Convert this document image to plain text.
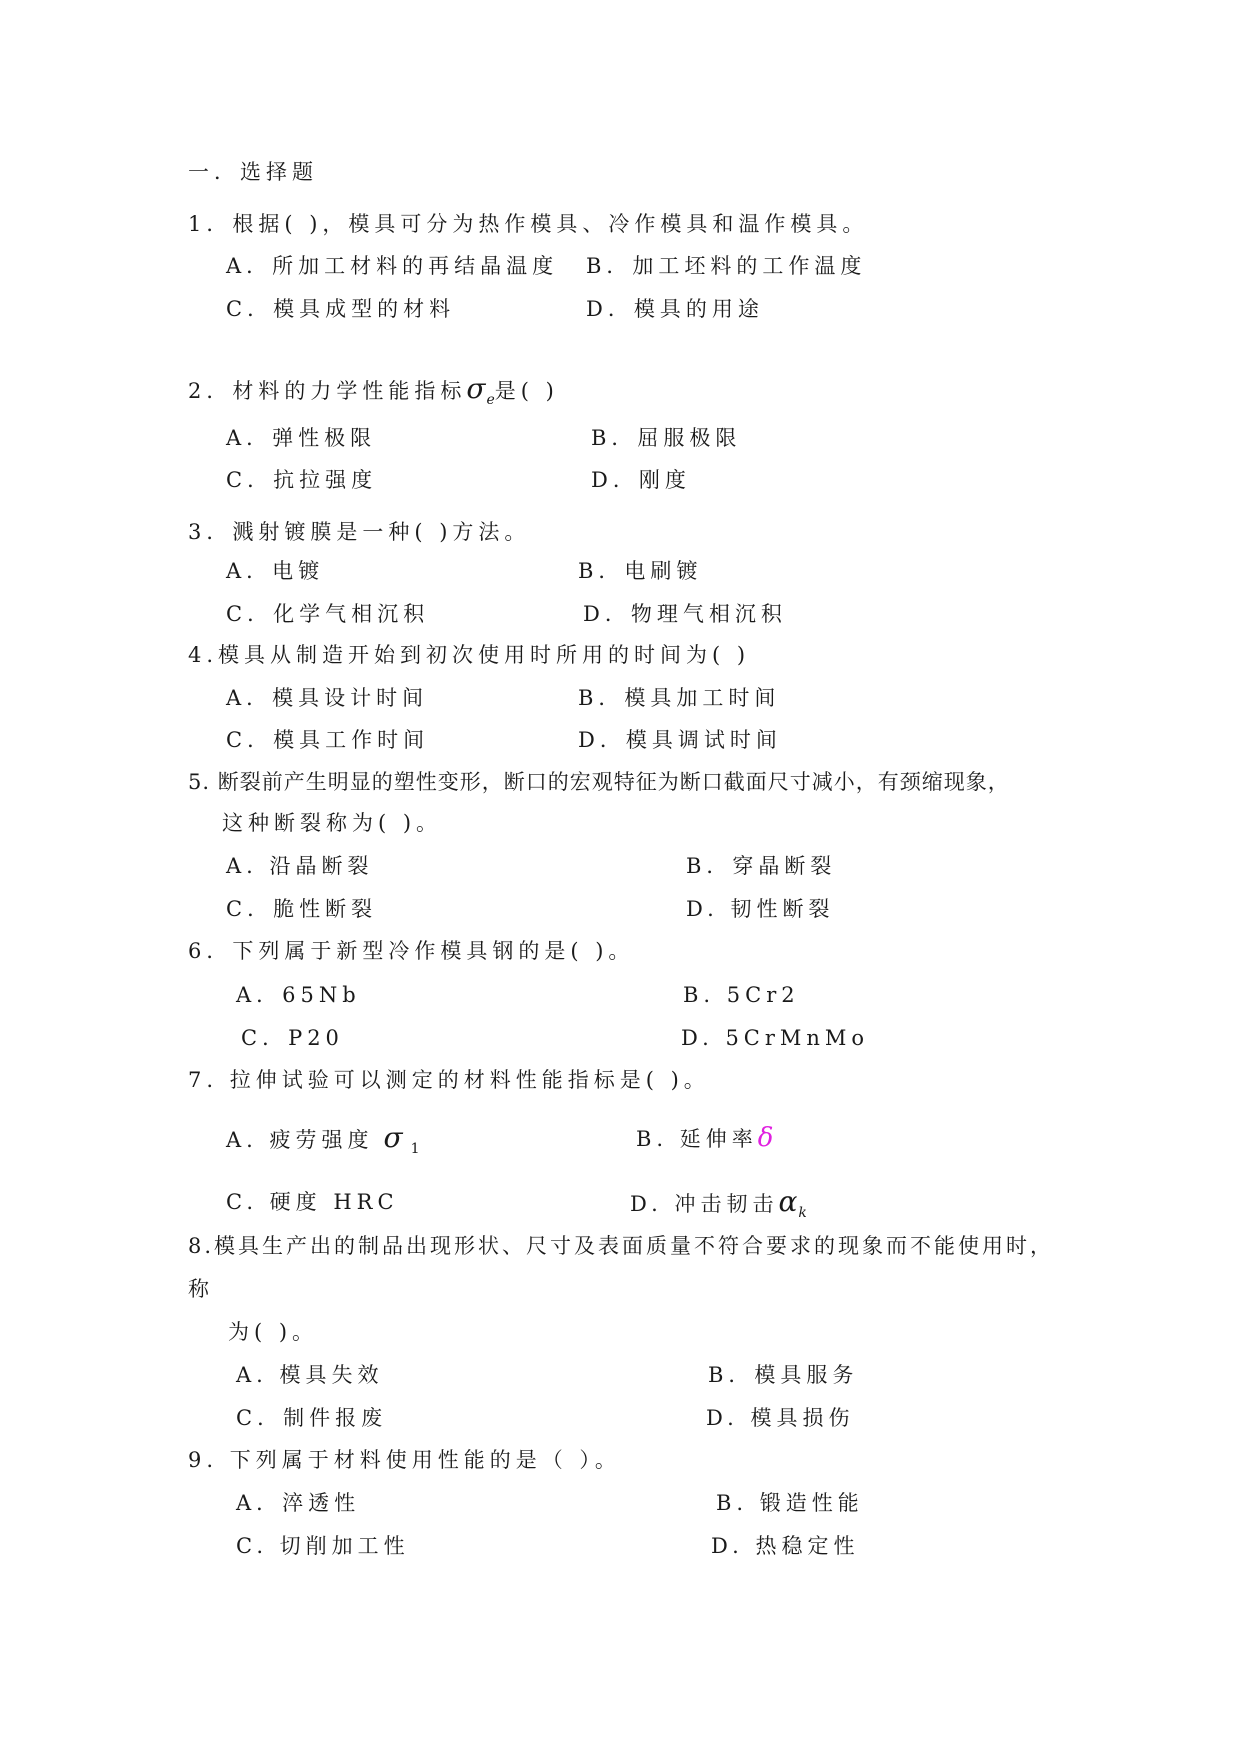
一．选择题
1．根据( )，模具可分为热作模具、冷作模具和温作模具。
A．所加工材料的再结晶温度 B．加工坯料的工作温度
C．模具成型的材料	D．模具的用途
2．材料的力学性能指标$\sigma_e$是( )
A．弹性极限	B．屈服极限
C．抗拉强度	D．刚度
3．溅射镀膜是一种( )方法。
A．电镀	B．电刷镀
C．化学气相沉积	D．物理气相沉积
4.模具从制造开始到初次使用时所用的时间为( )
A．模具设计时间	B．模具加工时间
C．模具工作时间	D．模具调试时间
5. 断裂前产生明显的塑性变形，断口的宏观特征为断口截面尺寸减小，有颈缩现象，
这种断裂称为( )。
A. 沿晶断裂	B．穿晶断裂
C．脆性断裂	D. 韧性断裂
6．下列属于新型冷作模具钢的是( )。
A．65Nb	B. 5Cr2
C．P20	D. 5CrMnMo
7. 拉伸试验可以测定的材料性能指标是( )。
A. 疲劳强度 σ $_1$	B. 延伸率δ
C. 硬度 HRC	D. 冲击韧击$\alpha_k$
8.模具生产出的制品出现形状、尺寸及表面质量不符合要求的现象而不能使用时，
称
为( )。
A. 模具失效	B．模具服务
C．制件报废	D. 模具损伤
9. 下列属于材料使用性能的是（ ）。
A．淬透性	B. 锻造性能
C. 切削加工性	D. 热稳定性
